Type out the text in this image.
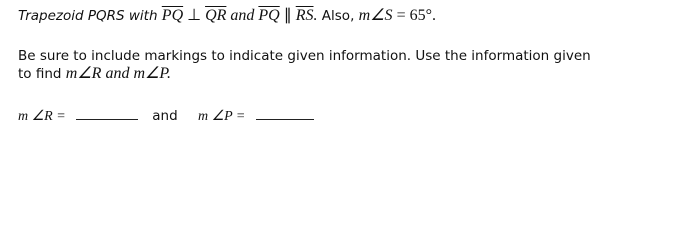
Trapezoid PQRS with $\overline{PQ}$ ⊥ $\overline{QR}$ and $\overline{PQ}$ ∥ $\overline{RS}$. Also, m∠S = 65°.
Be sure to include markings to indicate given information. Use the information given
to find m∠R and m∠P.
m ∠R =	and m ∠P =
